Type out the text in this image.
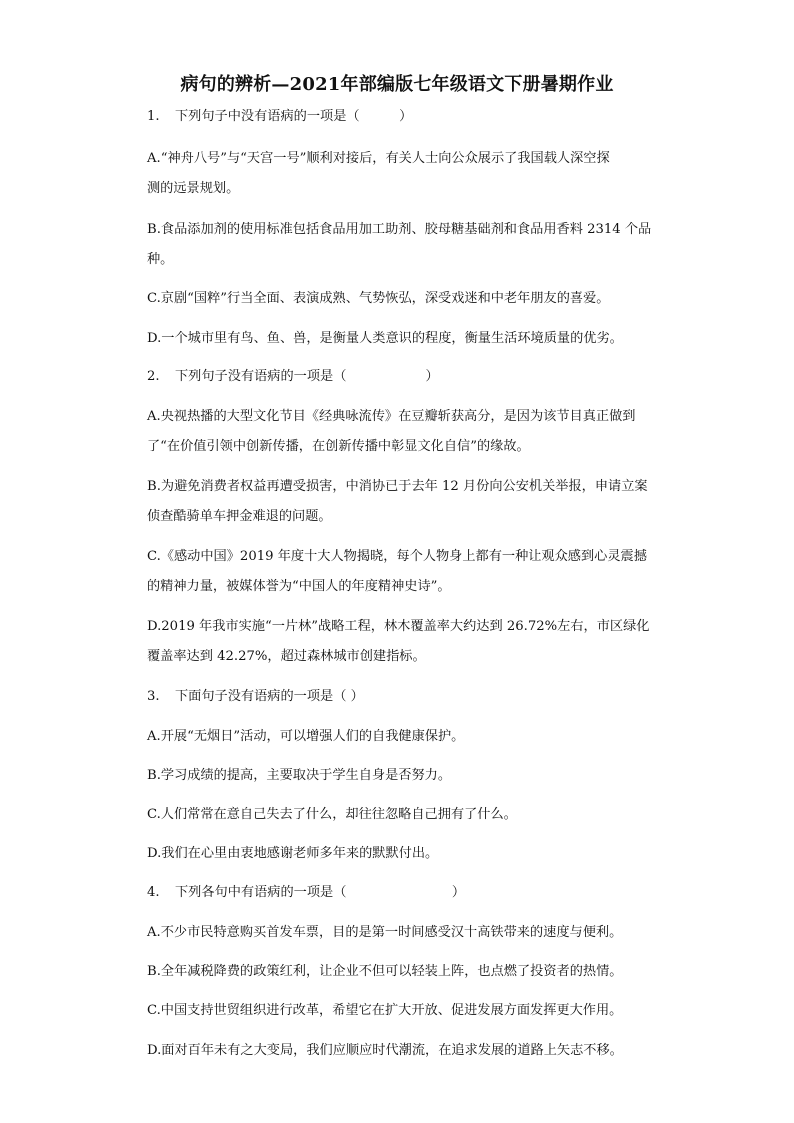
病句的辨析—2021年部编版七年级语文下册暑期作业
1. 下列句子中没有语病的一项是（　　　）
A.“神舟八号”与“天宫一号”顺利对接后，有关人士向公众展示了我国载人深空探
测的远景规划。
B.食品添加剂的使用标准包括食品用加工助剂、胶母糖基础剂和食品用香料 2314 个品
种。
C.京剧“国粹”行当全面、表演成熟、气势恢弘，深受戏迷和中老年朋友的喜爱。
D.一个城市里有鸟、鱼、兽，是衡量人类意识的程度，衡量生活环境质量的优劣。
2. 下列句子没有语病的一项是（　　　　　　）
A.央视热播的大型文化节目《经典咏流传》在豆瓣斩获高分，是因为该节目真正做到
了“在价值引领中创新传播，在创新传播中彰显文化自信”的缘故。
B.为避免消费者权益再遭受损害，中消协已于去年 12 月份向公安机关举报，申请立案
侦查酷骑单车押金难退的问题。
C.《感动中国》2019 年度十大人物揭晓，每个人物身上都有一种让观众感到心灵震撼
的精神力量，被媒体誉为“中国人的年度精神史诗”。
D.2019 年我市实施“一片林”战略工程，林木覆盖率大约达到 26.72%左右，市区绿化
覆盖率达到 42.27%，超过森林城市创建指标。
3. 下面句子没有语病的一项是（ ）
A.开展“无烟日”活动，可以增强人们的自我健康保护。
B.学习成绩的提高，主要取决于学生自身是否努力。
C.人们常常在意自己失去了什么，却往往忽略自己拥有了什么。
D.我们在心里由衷地感谢老师多年来的默默付出。
4. 下列各句中有语病的一项是（　　　　　　　　）
A.不少市民特意购买首发车票，目的是第一时间感受汉十高铁带来的速度与便利。
B.全年减税降费的政策红利，让企业不但可以轻装上阵，也点燃了投资者的热情。
C.中国支持世贸组织进行改革，希望它在扩大开放、促进发展方面发挥更大作用。
D.面对百年未有之大变局，我们应顺应时代潮流，在追求发展的道路上矢志不移。
